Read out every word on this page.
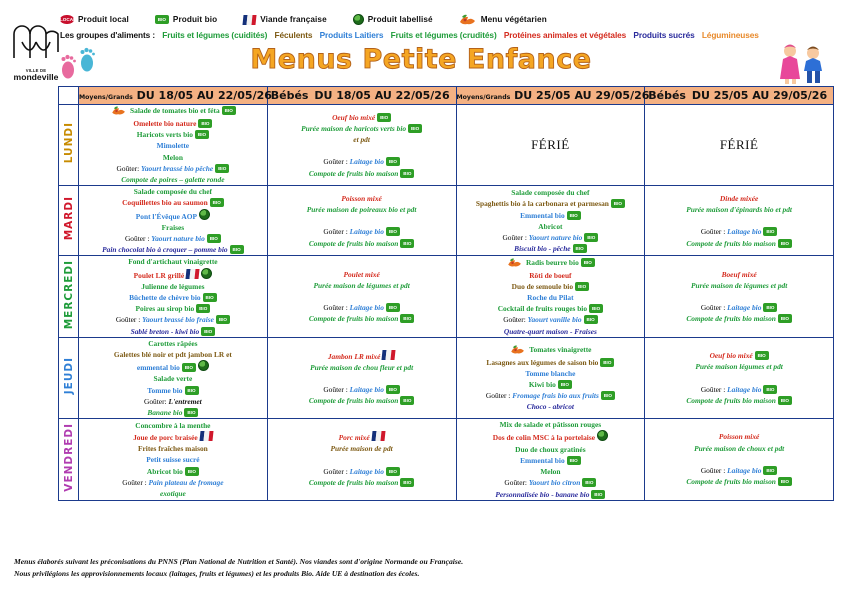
VILLE DE
mondeville
LOCAL Produit local	BIO Produit bio	Viande française	Produit labellisé	Menu végétarien
Les groupes d'aliments : Fruits et légumes (cuidités) Féculents Produits Laitiers Fruits et légumes (crudités) Protéines animales et végétales Produits sucrés Légumineuses
Menus Petite Enfance
	Moyens/Grands DU 18/05 AU 22/05/26	Bébés DU 18/05 AU 22/05/26	Moyens/Grands DU 25/05 AU 29/05/26	Bébés DU 25/05 AU 29/05/26
LUNDI	
Salade de tomates bio et féta BIO
Omelette bio nature BIO
Haricots verts bio BIO
Mimolette
Melon
Goûter: Yaourt brassé bio pêche BIO
Compote de poires – galette ronde

Oeuf bio mixé BIO
Purée maison de haricots verts bio BIO
et pdt

Goûter : Laitage bio BIO
Compote de fruits bio maison BIO

FÉRIÉ	FÉRIÉ

MARDI	
Salade composée du chef
Coquillettes bio au saumon BIO
Pont l'Évêque AOP
Fraises
Goûter : Yaourt nature bio BIO
Pain chocolat bio à croquer – pomme bio BIO

Poisson mixé
Purée maison de poireaux bio et pdt

Goûter : Laitage bio BIO
Compote de fruits bio maison BIO

Salade composée du chef
Spaghettis bio à la carbonara et parmesan BIO
Emmental bio BIO
Abricot
Goûter : Yaourt nature bio BIO
Biscuit bio - pêche BIO

Dinde mixée
Purée maison d'épinards bio et pdt

Goûter : Laitage bio BIO
Compote de fruits bio maison BIO

MERCREDI	Fond d'artichaut vinaigrette
Poulet LR grillé
Julienne de légumes
Bûchette de chèvre bio BIO
Poires au sirop bio BIO
Goûter : Yaourt brassé bio fraise BIO
Sablé breton - kiwi bio BIO

Poulet mixé
Purée maison de légumes et pdt

Goûter : Laitage bio BIO
Compote de fruits bio maison BIO

Radis beurre bio BIO
Rôti de boeuf
Duo de semoule bio BIO
Roche du Pilat
Cocktail de fruits rouges bio BIO
Goûter: Yaourt vanille bio BIO
Quatre-quart maison - Fraises

Boeuf mixé
Purée maison de légumes et pdt

Goûter : Laitage bio BIO
Compote de fruits bio maison BIO

JEUDI	
Carottes râpées
Galettes blé noir et pdt jambon LR et
emmental bio BIO
Salade verte
Tomme bio BIO
Goûter: L'entremet
Banane bio BIO

Jambon LR mixé
Purée maison de chou fleur et pdt

Goûter : Laitage bio BIO
Compote de fruits bio maison BIO

Tomates vinaigrette
Lasagnes aux légumes de saison bio BIO
Tomme blanche
Kiwi bio BIO
Goûter : Fromage frais bio aux fruits BIO
Choco - abricot

Oeuf bio mixé BIO
Purée maison légumes et pdt

Goûter : Laitage bio BIO
Compote de fruits bio maison BIO

VENDREDI	Concombre à la menthe
Joue de porc braisée
Frites fraîches maison
Petit suisse sucré
Abricot bio BIO
Goûter : Pain plateau de fromage
exotique

Porc mixé
Purée maison de pdt

Goûter : Laitage bio BIO
Compote de fruits bio maison BIO

Mix de salade et pâtisson rouges
Dos de colin MSC à la portelaise
Duo de choux gratinés
Emmental bio BIO
Melon
Goûter: Yaourt bio citron BIO
Personnalisée bio - banane bio BIO

Poisson mixé
Purée maison de choux et pdt

Goûter : Laitage bio BIO
Compote de fruits bio maison BIO
Menus élaborés suivant les préconisations du PNNS (Plan National de Nutrition et Santé). Nos viandes sont d'origine Normande ou Française.
Nous privilégions les approvisionnements locaux (laitages, fruits et légumes) et les produits Bio. Aide UE à destination des écoles.
